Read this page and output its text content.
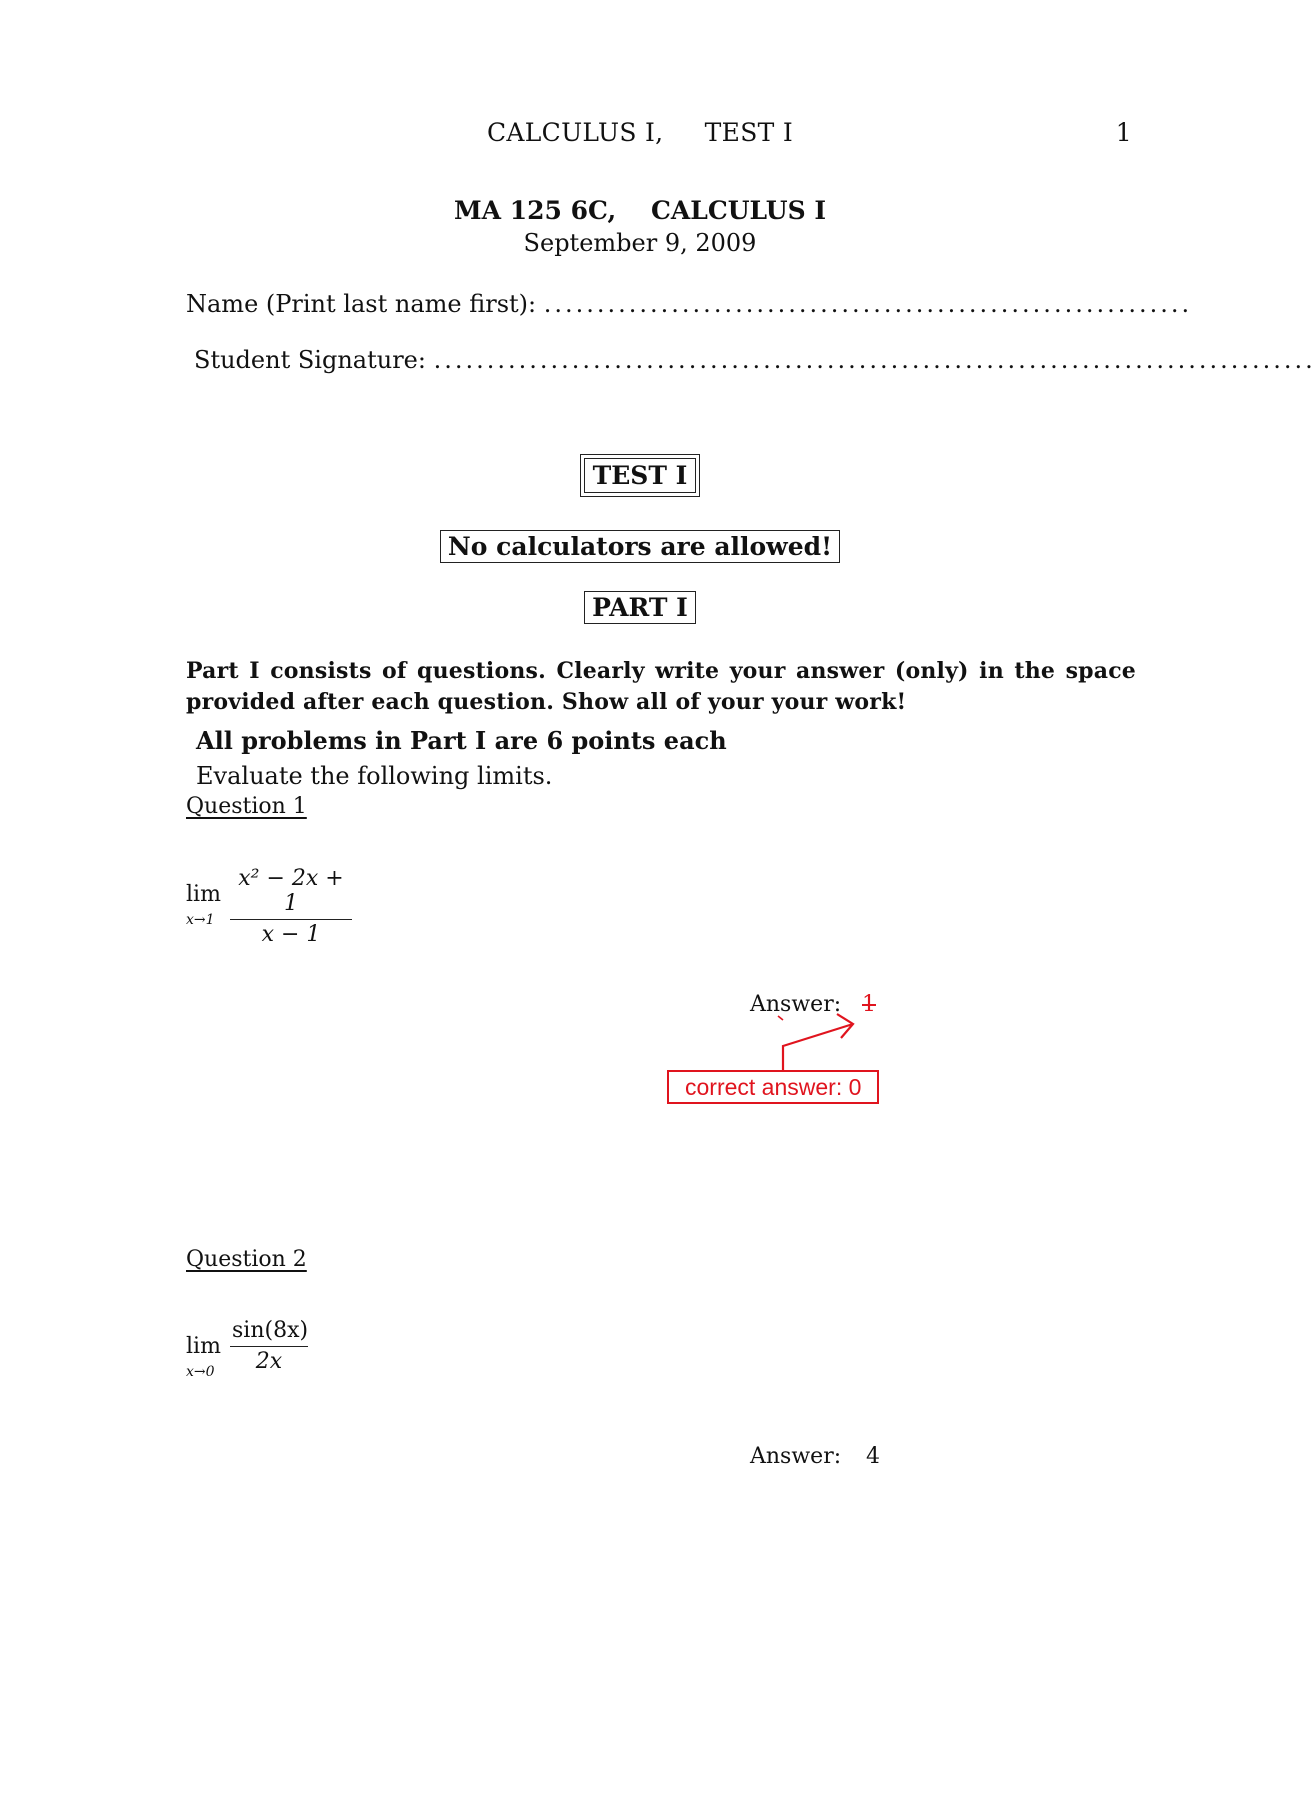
CALCULUS I,     TEST I	1
MA 125 6C,    CALCULUS I
September 9, 2009
Name (Print last name first): .............................................................
Student Signature: ...................................................................................
TEST I
No calculators are allowed!
PART I
Part I consists of questions. Clearly write your answer (only) in the space provided after each question. Show all of your your work!
All problems in Part I are 6 points each
Evaluate the following limits.
Question 1
lim
x→1
x² − 2x + 1
x − 1
Answer: 1
correct answer: 0
Question 2
lim
x→0
sin(8x)
2x
Answer: 4
